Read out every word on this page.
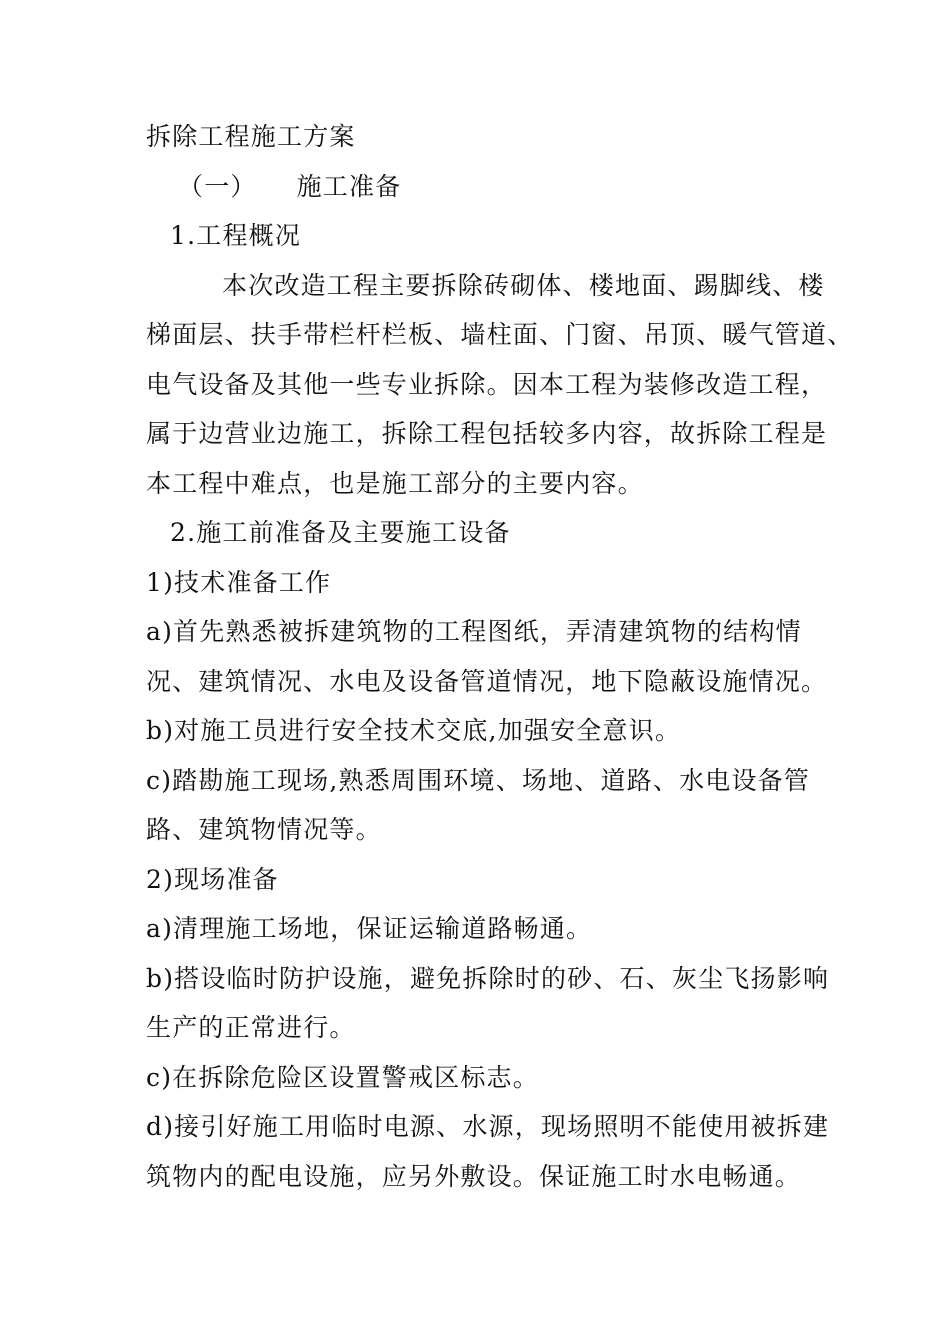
拆除工程施工方案
（一） 施工准备
1.工程概况
本次改造工程主要拆除砖砌体、楼地面、踢脚线、楼
梯面层、扶手带栏杆栏板、墙柱面、门窗、吊顶、暖气管道、
电气设备及其他一些专业拆除。因本工程为装修改造工程，
属于边营业边施工，拆除工程包括较多内容，故拆除工程是
本工程中难点，也是施工部分的主要内容。
2.施工前准备及主要施工设备
1)技术准备工作
a)首先熟悉被拆建筑物的工程图纸，弄清建筑物的结构情
况、建筑情况、水电及设备管道情况，地下隐蔽设施情况。
b)对施工员进行安全技术交底,加强安全意识。
c)踏勘施工现场,熟悉周围环境、场地、道路、水电设备管
路、建筑物情况等。
2)现场准备
a)清理施工场地，保证运输道路畅通。
b)搭设临时防护设施，避免拆除时的砂、石、灰尘飞扬影响
生产的正常进行。
c)在拆除危险区设置警戒区标志。
d)接引好施工用临时电源、水源，现场照明不能使用被拆建
筑物内的配电设施，应另外敷设。保证施工时水电畅通。
